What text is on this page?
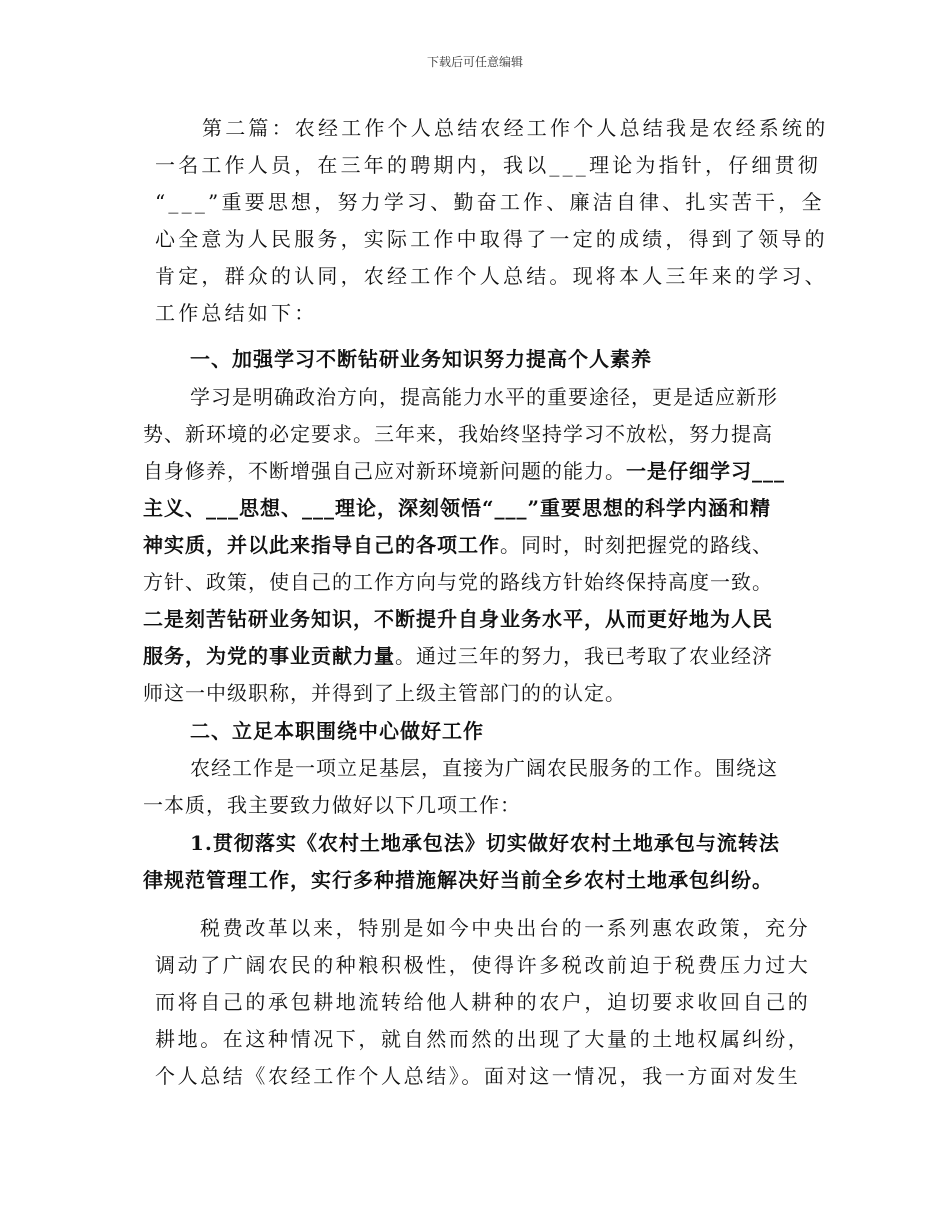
下载后可任意编辑
第二篇：农经工作个人总结农经工作个人总结我是农经系统的
一名工作人员，在三年的聘期内，我以___理论为指针，仔细贯彻
“___”重要思想，努力学习、勤奋工作、廉洁自律、扎实苦干，全
心全意为人民服务，实际工作中取得了一定的成绩，得到了领导的
肯定，群众的认同，农经工作个人总结。现将本人三年来的学习、
工作总结如下：
一、加强学习不断钻研业务知识努力提高个人素养
学习是明确政治方向，提高能力水平的重要途径，更是适应新形
势、新环境的必定要求。三年来，我始终坚持学习不放松，努力提高
自身修养，不断增强自己应对新环境新问题的能力。一是仔细学习___
主义、___思想、___理论，深刻领悟“___”重要思想的科学内涵和精
神实质，并以此来指导自己的各项工作。同时，时刻把握党的路线、
方针、政策，使自己的工作方向与党的路线方针始终保持高度一致。
二是刻苦钻研业务知识，不断提升自身业务水平，从而更好地为人民
服务，为党的事业贡献力量。通过三年的努力，我已考取了农业经济
师这一中级职称，并得到了上级主管部门的的认定。
二、立足本职围绕中心做好工作
农经工作是一项立足基层，直接为广阔农民服务的工作。围绕这
一本质，我主要致力做好以下几项工作：
1.贯彻落实《农村土地承包法》切实做好农村土地承包与流转法
律规范管理工作，实行多种措施解决好当前全乡农村土地承包纠纷。
税费改革以来，特别是如今中央出台的一系列惠农政策，充分
调动了广阔农民的种粮积极性，使得许多税改前迫于税费压力过大
而将自己的承包耕地流转给他人耕种的农户，迫切要求收回自己的
耕地。在这种情况下，就自然而然的出现了大量的土地权属纠纷，
个人总结《农经工作个人总结》。面对这一情况，我一方面对发生
